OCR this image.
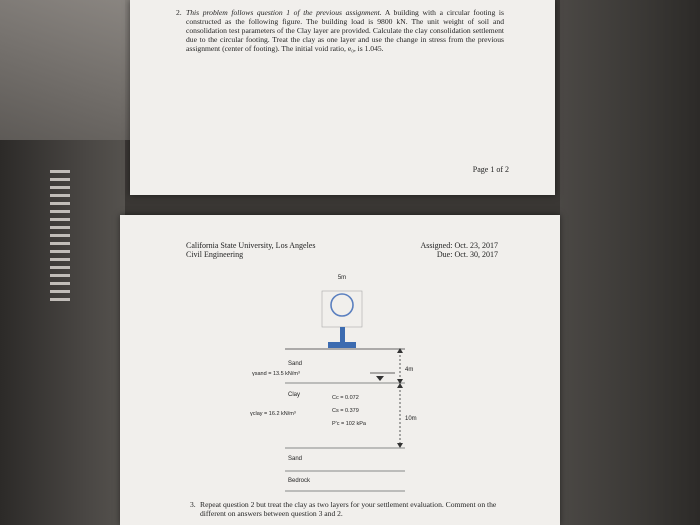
2. This problem follows question 1 of the previous assignment. A building with a circular footing is constructed as the following figure. The building load is 9800 kN. The unit weight of soil and consolidation test parameters of the Clay layer are provided. Calculate the clay consolidation settlement due to the circular footing. Treat the clay as one layer and use the change in stress from the previous assignment (center of footing). The initial void ratio, e₀, is 1.045.
Page 1 of 2
California State University, Los Angeles
Civil Engineering
Assigned: Oct. 23, 2017
Due: Oct. 30, 2017
5m
Sand
γsand = 13.5 kN/m³
4m
Clay
γclay = 16.2 kN/m³
Cc = 0.072
Cs = 0.379
P'c = 102 kPa
10m
Sand
Bedrock
3. Repeat question 2 but treat the clay as two layers for your settlement evaluation. Comment on the different on answers between question 3 and 2.
